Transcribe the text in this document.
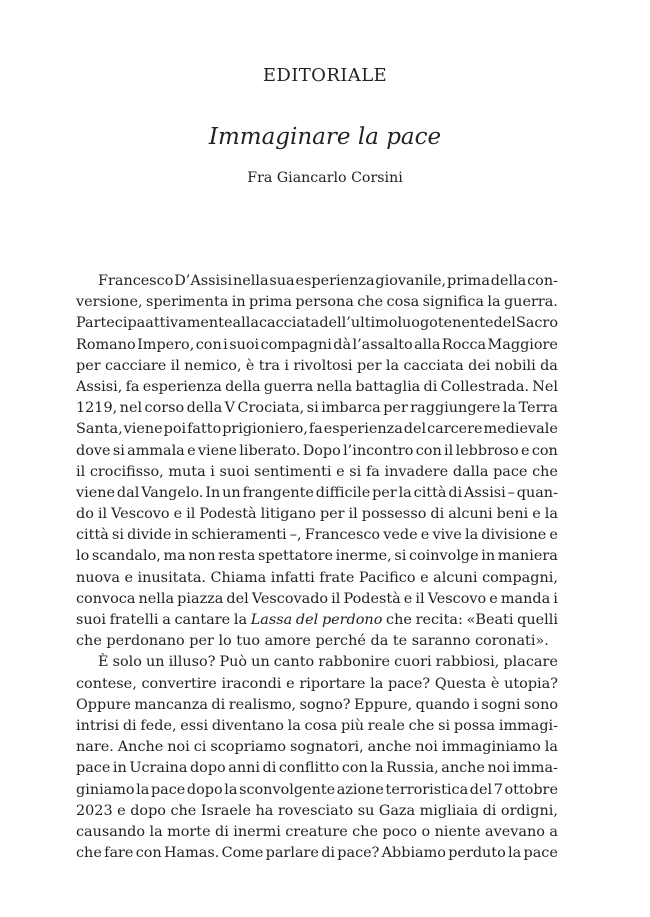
EDITORIALE
Immaginare la pace
Fra Giancarlo Corsini
Francesco D’Assisi nella sua esperienza giovanile, prima della con-
versione, sperimenta in prima persona che cosa significa la guerra.
Partecipa attivamente alla cacciata dell’ultimo luogotenente del Sacro
Romano Impero, con i suoi compagni dà l’assalto alla Rocca Maggiore
per cacciare il nemico, è tra i rivoltosi per la cacciata dei nobili da
Assisi, fa esperienza della guerra nella battaglia di Collestrada. Nel
1219, nel corso della V Crociata, si imbarca per raggiungere la Terra
Santa, viene poi fatto prigioniero, fa esperienza del carcere medievale
dove si ammala e viene liberato. Dopo l’incontro con il lebbroso e con
il crocifisso, muta i suoi sentimenti e si fa invadere dalla pace che
viene dal Vangelo. In un frangente difficile per la città di Assisi – quan-
do il Vescovo e il Podestà litigano per il possesso di alcuni beni e la
città si divide in schieramenti –, Francesco vede e vive la divisione e
lo scandalo, ma non resta spettatore inerme, si coinvolge in maniera
nuova e inusitata. Chiama infatti frate Pacifico e alcuni compagni,
convoca nella piazza del Vescovado il Podestà e il Vescovo e manda i
suoi fratelli a cantare la Lassa del perdono che recita: «Beati quelli
che perdonano per lo tuo amore perché da te saranno coronati».
È solo un illuso? Può un canto rabbonire cuori rabbiosi, placare
contese, convertire iracondi e riportare la pace? Questa è utopia?
Oppure mancanza di realismo, sogno? Eppure, quando i sogni sono
intrisi di fede, essi diventano la cosa più reale che si possa immagi-
nare. Anche noi ci scopriamo sognatori, anche noi immaginiamo la
pace in Ucraina dopo anni di conflitto con la Russia, anche noi imma-
giniamo la pace dopo la sconvolgente azione terroristica del 7 ottobre
2023 e dopo che Israele ha rovesciato su Gaza migliaia di ordigni,
causando la morte di inermi creature che poco o niente avevano a
che fare con Hamas. Come parlare di pace? Abbiamo perduto la pace
